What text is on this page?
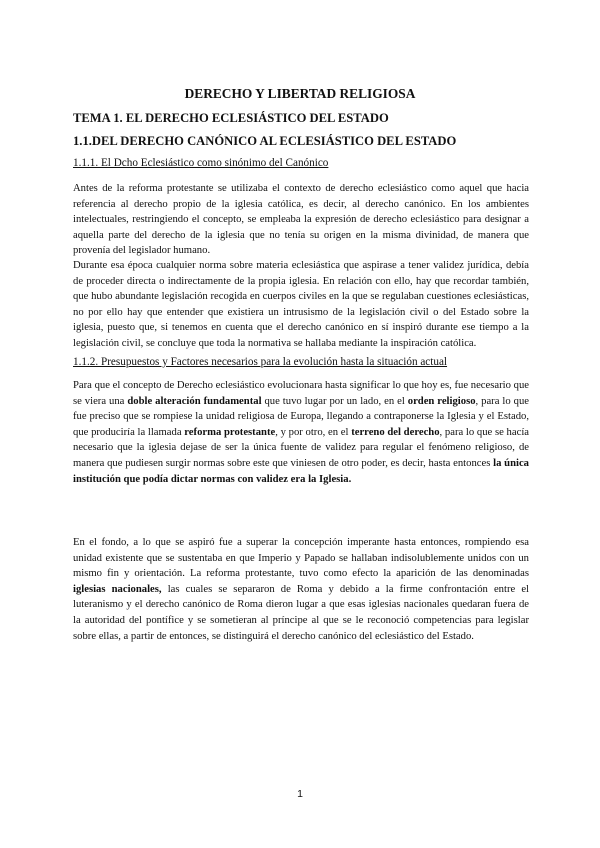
DERECHO Y LIBERTAD RELIGIOSA
TEMA 1. EL DERECHO ECLESIÁSTICO DEL ESTADO
1.1.DEL DERECHO CANÓNICO AL ECLESIÁSTICO DEL ESTADO
1.1.1. El Dcho Eclesiástico como sinónimo del Canónico

Antes de la reforma protestante se utilizaba el contexto de derecho eclesiástico como aquel que hacia referencia al derecho propio de la iglesia católica, es decir, al derecho canónico. En los ambientes intelectuales, restringiendo el concepto, se empleaba la expresión de derecho eclesiástico para designar a aquella parte del derecho de la iglesia que no tenía su origen en la misma divinidad, de manera que provenía del legislador humano.

Durante esa época cualquier norma sobre materia eclesiástica que aspirase a tener validez jurídica, debía de proceder directa o indirectamente de la propia iglesia. En relación con ello, hay que recordar también, que hubo abundante legislación recogida en cuerpos civiles en la que se regulaban cuestiones eclesiásticas, no por ello hay que entender que existiera un intrusismo de la legislación civil o del Estado sobre la iglesia, puesto que, si tenemos en cuenta que el derecho canónico en sí inspiró durante ese tiempo a la legislación civil, se concluye que toda la normativa se hallaba mediante la inspiración católica.

1.1.2. Presupuestos y Factores necesarios para la evolución hasta la situación actual

Para que el concepto de Derecho eclesiástico evolucionara hasta significar lo que hoy es, fue necesario que se viera una doble alteración fundamental que tuvo lugar por un lado, en el orden religioso, para lo que fue preciso que se rompiese la unidad religiosa de Europa, llegando a contraponerse la Iglesia y el Estado, que produciría la llamada reforma protestante, y por otro, en el terreno del derecho, para lo que se hacía necesario que la iglesia dejase de ser la única fuente de validez para regular el fenómeno religioso, de manera que pudiesen surgir normas sobre este que viniesen de otro poder, es decir, hasta entonces la única institución que podía dictar normas con validez era la Iglesia.

En el fondo, a lo que se aspiró fue a superar la concepción imperante hasta entonces, rompiendo esa unidad existente que se sustentaba en que Imperio y Papado se hallaban indisolublemente unidos con un mismo fin y orientación. La reforma protestante, tuvo como efecto la aparición de las denominadas iglesias nacionales, las cuales se separaron de Roma y debido a la firme confrontación entre el luteranismo y el derecho canónico de Roma dieron lugar a que esas iglesias nacionales quedaran fuera de la autoridad del pontífice y se sometieran al príncipe al que se le reconoció competencias para legislar sobre ellas, a partir de entonces, se distinguirá el derecho canónico del eclesiástico del Estado.

1
